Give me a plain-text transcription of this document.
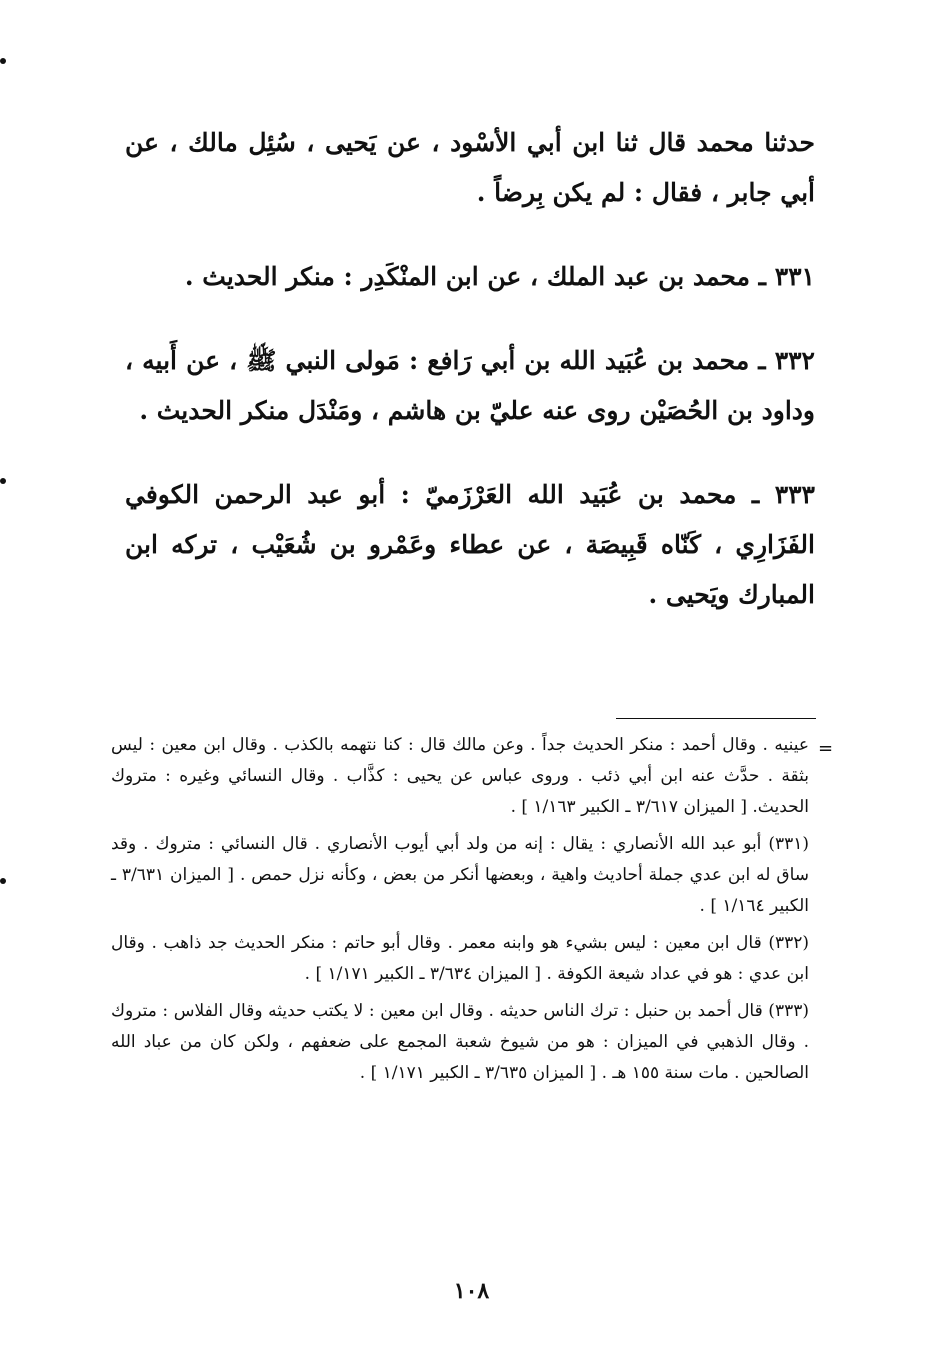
حدثنا محمد قال ثنا ابن أبي الأسْود ، عن يَحيى ، سُئِل مالك ، عن أبي جابر ، فقال : لم يكن بِرضاً .

٣٣١ ـ محمد بن عبد الملك ، عن ابن المنْكَدِر : منكر الحديث .

٣٣٢ ـ محمد بن عُبَيد الله بن أبي رَافع : مَولى النبي ﷺ ، عن أَبيه ، وداود بن الحُصَيْن روى عنه عليّ بن هاشم ، ومَنْدَل منكر الحديث .

٣٣٣ ـ محمد بن عُبَيد الله العَرْزَميّ : أبو عبد الرحمن الكوفي الفَزَارِي ، كَنّاه قَبِيصَة ، عن عطاء وعَمْرو بن شُعَيْب ، تركه ابن المبارك ويَحيى .

=

عينيه . وقال أحمد : منكر الحديث جداً . وعن مالك قال : كنا نتهمه بالكذب . وقال ابن معين : ليس بثقة . حدَّث عنه ابن أبي ذئب . وروى عباس عن يحيى : كذَّاب . وقال النسائي وغيره : متروك الحديث. [ الميزان ٣/٦١٧ ـ الكبير ١/١٦٣ ] .

(٣٣١) أبو عبد الله الأنصاري : يقال : إنه من ولد أبي أيوب الأنصاري . قال النسائي : متروك . وقد ساق له ابن عدي جملة أحاديث واهية ، وبعضها أنكر من بعض ، وكأنه نزل حمص . [ الميزان ٣/٦٣١ ـ الكبير ١/١٦٤ ] .

(٣٣٢) قال ابن معين : ليس بشيء هو وابنه معمر . وقال أبو حاتم : منكر الحديث جد ذاهب . وقال ابن عدي : هو في عداد شيعة الكوفة . [ الميزان ٣/٦٣٤ ـ الكبير ١/١٧١ ] .

(٣٣٣) قال أحمد بن حنبل : ترك الناس حديثه . وقال ابن معين : لا يكتب حديثه وقال الفلاس : متروك . وقال الذهبي في الميزان : هو من شيوخ شعبة المجمع على ضعفهم ، ولكن كان من عباد الله الصالحين . مات سنة ١٥٥ هـ . [ الميزان ٣/٦٣٥ ـ الكبير ١/١٧١ ] .

١٠٨
